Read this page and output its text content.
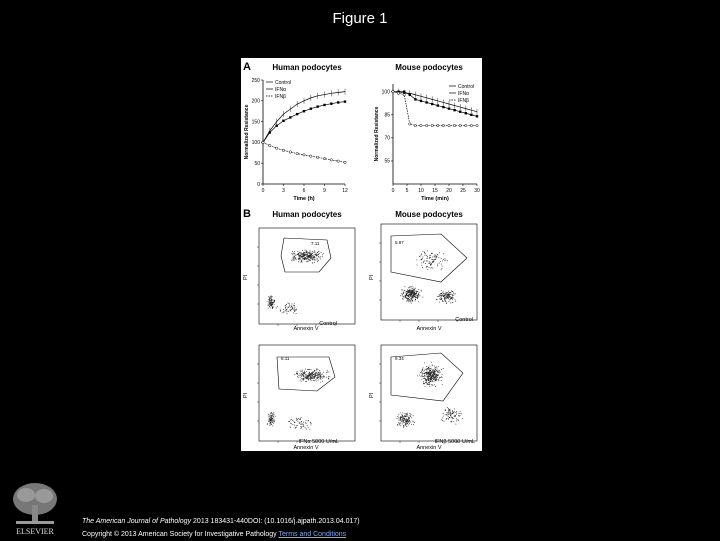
Figure 1
A	Human podocytes	Mouse podocytes
0	3	6	9	12
0
50
100
150
200
250
Time (h)
Normalized Resistance
Control
IFNα
IFNβ
0 5 10 15 20 25 30
55
70
85
100
Time (min)
Normalized Resistance
Control
IFNα
IFNβ
B	Human podocytes	Mouse podocytes
Control
Control
IFNα 5000 U/mL	IFNβ 5000 U/mL
7.11	5.87
6.11	9.34
Annexin V	Annexin V
Annexin V	Annexin V
PI	PI
PI	PI
ELSEVIER
The American Journal of Pathology 2013 183431-440DOI: (10.1016/j.ajpath.2013.04.017)
Copyright © 2013 American Society for Investigative Pathology Terms and Conditions
